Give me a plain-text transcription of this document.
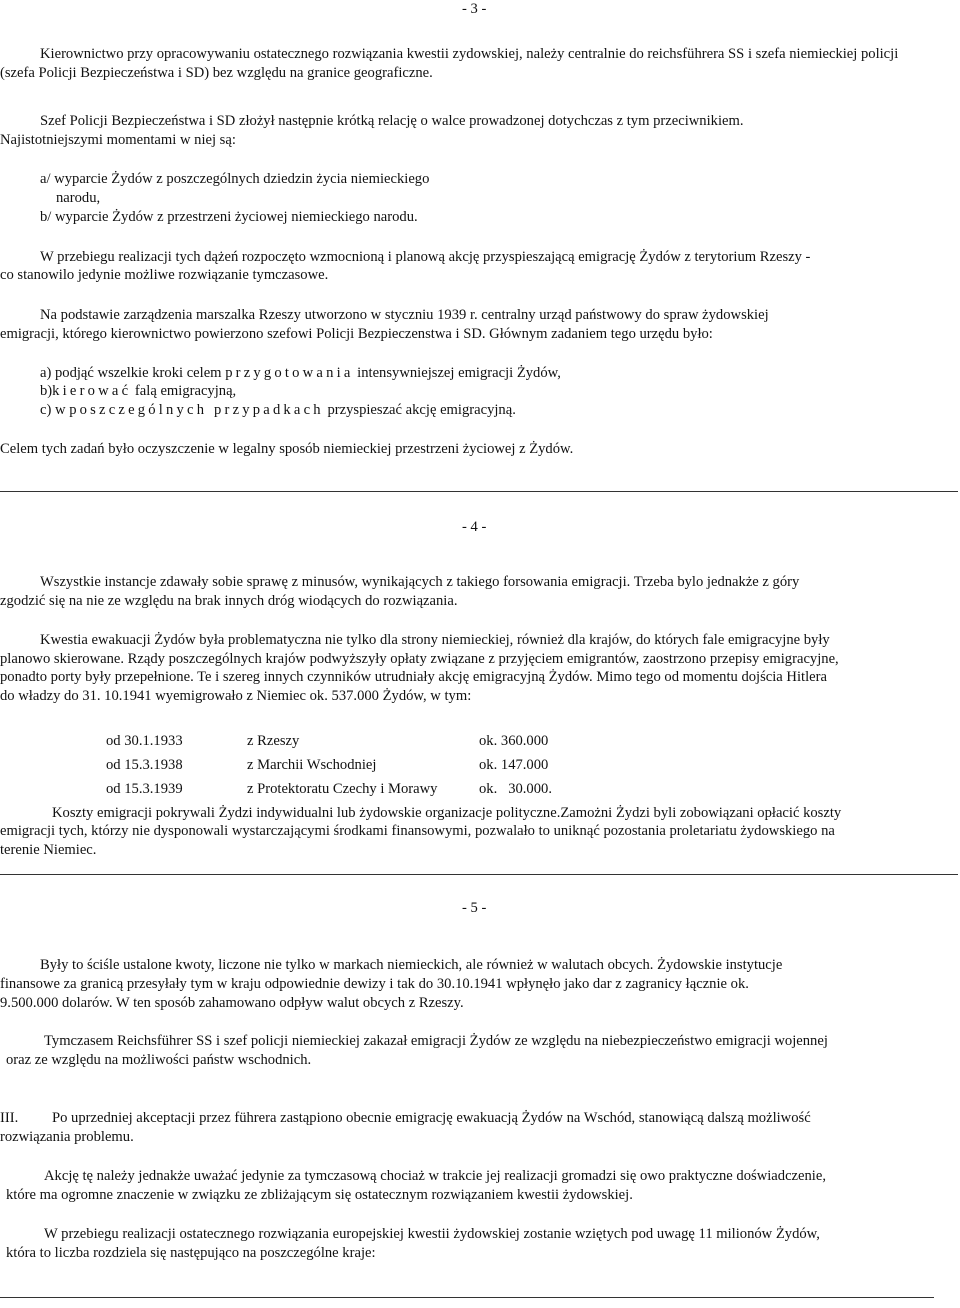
- 3 -

Kierownictwo przy opracowywaniu ostatecznego rozwiązania kwestii zydowskiej, należy centralnie do reichsführera SS i szefa niemieckiej policji (szefa Policji Bezpieczeństwa i SD) bez względu na granice geograficzne.

Szef Policji Bezpieczeństwa i SD złożył następnie krótką relację o walce prowadzonej dotychczas z tym przeciwnikiem.
Najistotniejszymi momentami w niej są:
a/ wyparcie Żydów z poszczególnych dziedzin życia niemieckiego
narodu,
b/ wyparcie Żydów z przestrzeni życiowej niemieckiego narodu.
W przebiegu realizacji tych dążeń rozpoczęto wzmocnioną i planową akcję przyspieszającą emigrację Żydów z terytorium Rzeszy -
co stanowilo jedynie możliwe rozwiązanie tymczasowe.
Na podstawie zarządzenia marszalka Rzeszy utworzono w styczniu 1939 r. centralny urząd państwowy do spraw żydowskiej
emigracji, którego kierownictwo powierzono szefowi Policji Bezpieczenstwa i SD. Głównym zadaniem tego urzędu było:
a) podjąć wszelkie kroki celem przygotowania intensywniejszej emigracji Żydów,
b)kierować falą emigracyjną,
c) w poszczególnych przypadkach przyspieszać akcję emigracyjną.
Celem tych zadań było oczyszczenie w legalny sposób niemieckiej przestrzeni życiowej z Żydów.
- 4 -
Wszystkie instancje zdawały sobie sprawę z minusów, wynikających z takiego forsowania emigracji. Trzeba bylo jednakże z góry
zgodzić się na nie ze względu na brak innych dróg wiodących do rozwiązania.
Kwestia ewakuacji Żydów była problematyczna nie tylko dla strony niemieckiej, również dla krajów, do których fale emigracyjne były
planowo skierowane. Rządy poszczególnych krajów podwyższyły opłaty związane z przyjęciem emigrantów, zaostrzono przepisy emigracyjne,
ponadto porty były przepełnione. Te i szereg innych czynników utrudniały akcję emigracyjną Żydów. Mimo tego od momentu dojścia Hitlera
do władzy do 31. 10.1941 wyemigrowało z Niemiec ok. 537.000 Żydów, w tym:
od 30.1.1933	z Rzeszy	ok. 360.000
od 15.3.1938	z Marchii Wschodniej	ok. 147.000
od 15.3.1939	z Protektoratu Czechy i Morawy	ok.   30.000.
Koszty emigracji pokrywali Żydzi indywidualni lub żydowskie organizacje polityczne.Zamożni Żydzi byli zobowiązani opłacić koszty
emigracji tych, którzy nie dysponowali wystarczającymi środkami finansowymi, pozwalało to uniknąć pozostania proletariatu żydowskiego na
terenie Niemiec.
- 5 -
Były to ściśle ustalone kwoty, liczone nie tylko w markach niemieckich, ale również w walutach obcych. Żydowskie instytucje
finansowe za granicą przesyłały tym w kraju odpowiednie dewizy i tak do 30.10.1941 wpłynęło jako dar z zagranicy łącznie ok.
9.500.000 dolarów. W ten sposób zahamowano odpływ walut obcych z Rzeszy.
Tymczasem Reichsführer SS i szef policji niemieckiej zakazał emigracji Żydów ze względu na niebezpieczeństwo emigracji wojennej
oraz ze względu na możliwości państw wschodnich.
III. Po uprzedniej akceptacji przez führera zastąpiono obecnie emigrację ewakuacją Żydów na Wschód, stanowiącą dalszą możliwość
rozwiązania problemu.
Akcję tę należy jednakże uważać jedynie za tymczasową chociaż w trakcie jej realizacji gromadzi się owo praktyczne doświadczenie,
które ma ogromne znaczenie w związku ze zbliżającym się ostatecznym rozwiązaniem kwestii żydowskiej.
W przebiegu realizacji ostatecznego rozwiązania europejskiej kwestii żydowskiej zostanie wziętych pod uwagę 11 milionów Żydów,
która to liczba rozdziela się następująco na poszczególne kraje:
